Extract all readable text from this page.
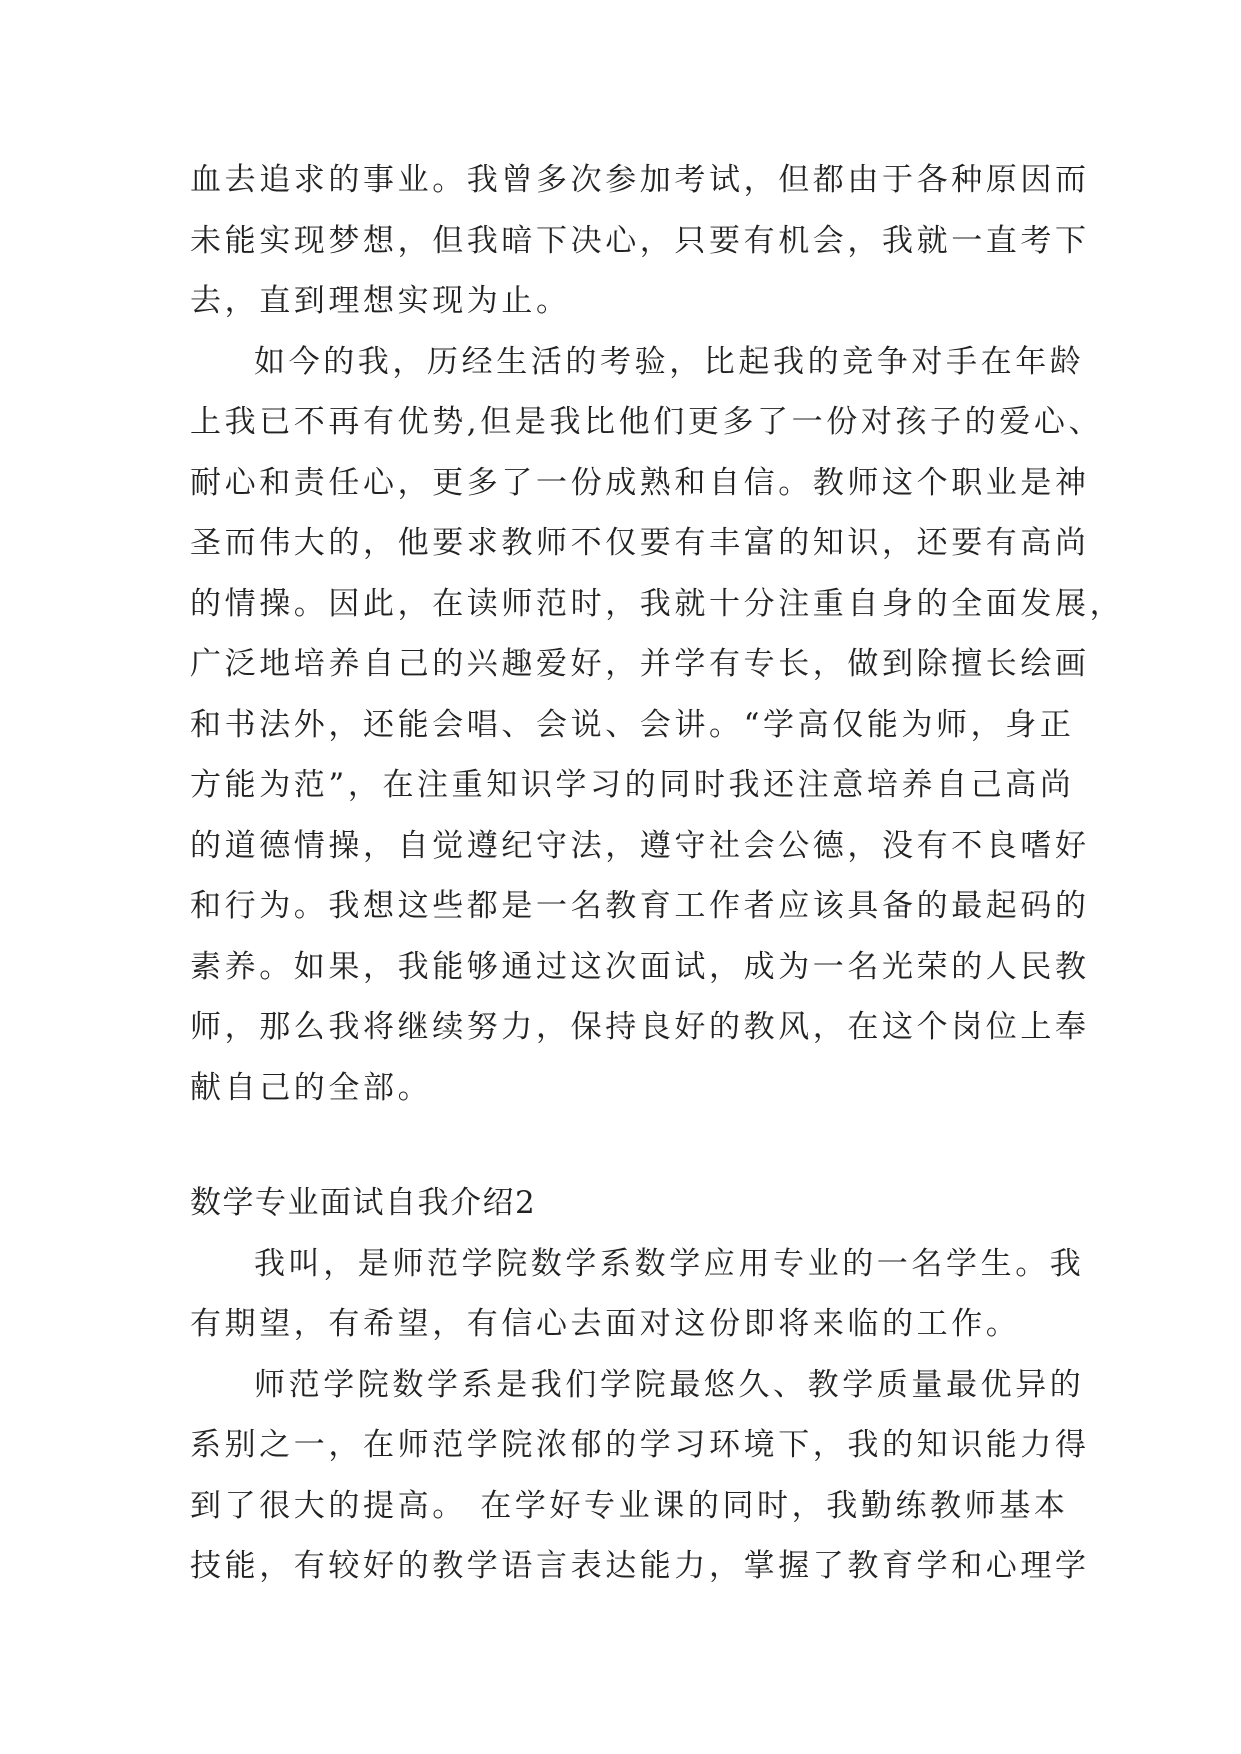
血去追求的事业。我曾多次参加考试，但都由于各种原因而
未能实现梦想，但我暗下决心，只要有机会，我就一直考下
去，直到理想实现为止。
如今的我，历经生活的考验，比起我的竞争对手在年龄
上我已不再有优势,但是我比他们更多了一份对孩子的爱心、
耐心和责任心，更多了一份成熟和自信。教师这个职业是神
圣而伟大的，他要求教师不仅要有丰富的知识，还要有高尚
的情操。因此，在读师范时，我就十分注重自身的全面发展，
广泛地培养自己的兴趣爱好，并学有专长，做到除擅长绘画
和书法外，还能会唱、会说、会讲。“学高仅能为师，身正
方能为范”，在注重知识学习的同时我还注意培养自己高尚
的道德情操，自觉遵纪守法，遵守社会公德，没有不良嗜好
和行为。我想这些都是一名教育工作者应该具备的最起码的
素养。如果，我能够通过这次面试，成为一名光荣的人民教
师，那么我将继续努力，保持良好的教风，在这个岗位上奉
献自己的全部。
数学专业面试自我介绍2
我叫，是师范学院数学系数学应用专业的一名学生。我
有期望，有希望，有信心去面对这份即将来临的工作。
师范学院数学系是我们学院最悠久、教学质量最优异的
系别之一，在师范学院浓郁的学习环境下，我的知识能力得
到了很大的提高。 在学好专业课的同时，我勤练教师基本
技能，有较好的教学语言表达能力，掌握了教育学和心理学
